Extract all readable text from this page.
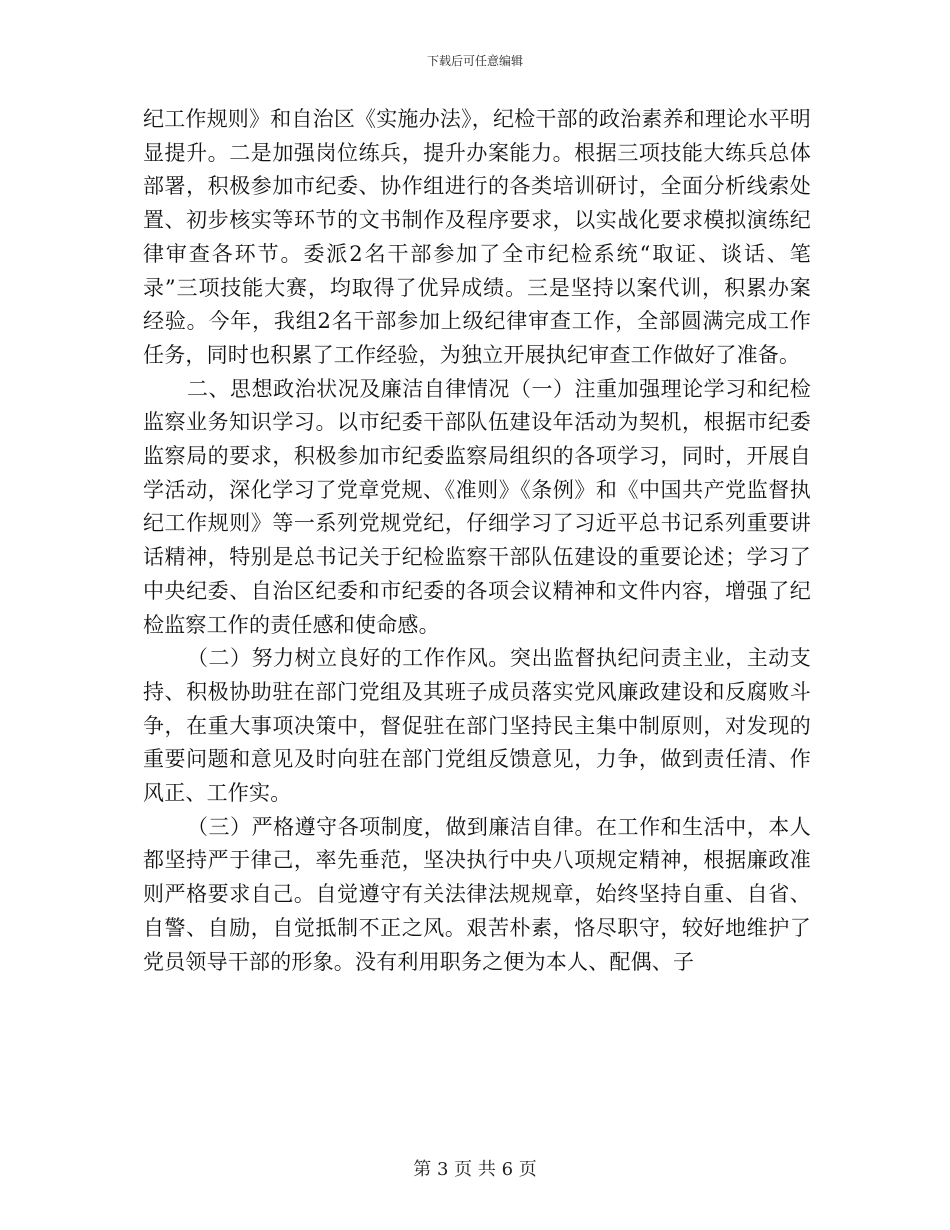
下载后可任意编辑

纪工作规则》和自治区《实施办法》，纪检干部的政治素养和理论水平明显提升。二是加强岗位练兵，提升办案能力。根据三项技能大练兵总体部署，积极参加市纪委、协作组进行的各类培训研讨，全面分析线索处置、初步核实等环节的文书制作及程序要求，以实战化要求模拟演练纪律审查各环节。委派2名干部参加了全市纪检系统“取证、谈话、笔录”三项技能大赛，均取得了优异成绩。三是坚持以案代训，积累办案经验。今年，我组2名干部参加上级纪律审查工作，全部圆满完成工作任务，同时也积累了工作经验，为独立开展执纪审查工作做好了准备。

二、思想政治状况及廉洁自律情况（一）注重加强理论学习和纪检监察业务知识学习。以市纪委干部队伍建设年活动为契机，根据市纪委监察局的要求，积极参加市纪委监察局组织的各项学习，同时，开展自学活动，深化学习了党章党规、《准则》《条例》和《中国共产党监督执纪工作规则》等一系列党规党纪，仔细学习了习近平总书记系列重要讲话精神，特别是总书记关于纪检监察干部队伍建设的重要论述；学习了中央纪委、自治区纪委和市纪委的各项会议精神和文件内容，增强了纪检监察工作的责任感和使命感。

（二）努力树立良好的工作作风。突出监督执纪问责主业，主动支持、积极协助驻在部门党组及其班子成员落实党风廉政建设和反腐败斗争，在重大事项决策中，督促驻在部门坚持民主集中制原则，对发现的重要问题和意见及时向驻在部门党组反馈意见，力争，做到责任清、作风正、工作实。

（三）严格遵守各项制度，做到廉洁自律。在工作和生活中，本人都坚持严于律己，率先垂范，坚决执行中央八项规定精神，根据廉政准则严格要求自己。自觉遵守有关法律法规规章，始终坚持自重、自省、自警、自励，自觉抵制不正之风。艰苦朴素，恪尽职守，较好地维护了党员领导干部的形象。没有利用职务之便为本人、配偶、子

第 3 页 共 6 页
